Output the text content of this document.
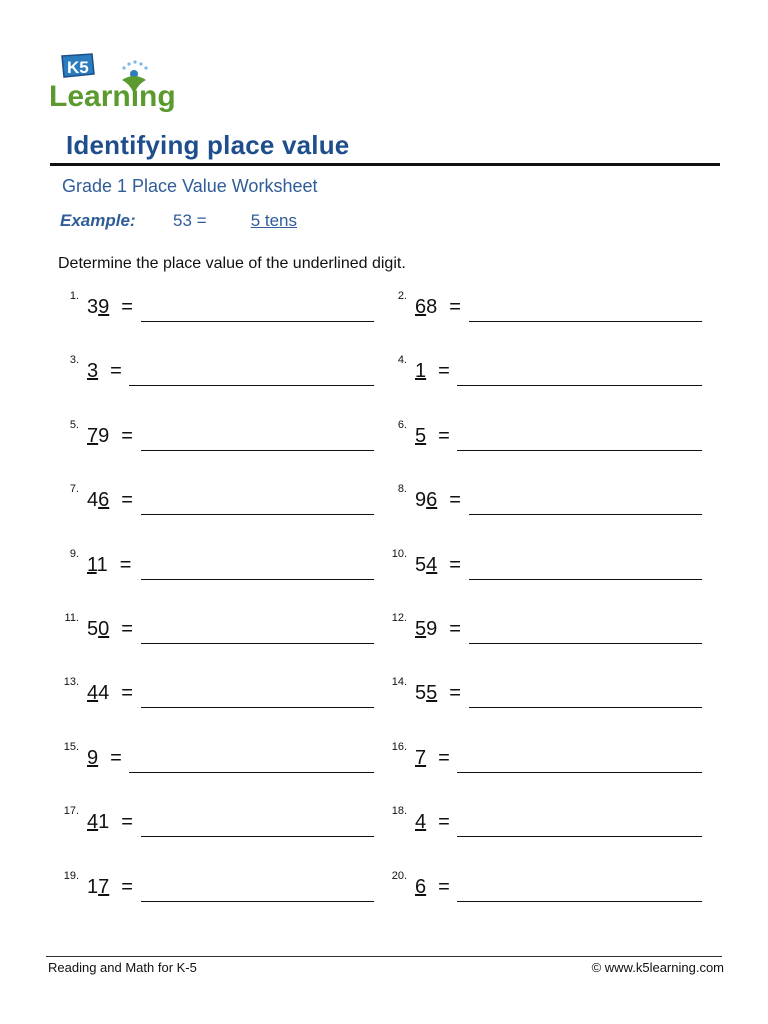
K5
Learning
Identifying place value
Grade 1 Place Value Worksheet
Example: 53 =	5 tens
Determine the place value of the underlined digit.
1. 39 =	2. 68 =
3. 3 =	4. 1 =
5. 79 =	6. 5 =
7. 46 =	8. 96 =
9. 11 =	10. 54 =
11. 50 =	12. 59 =
13. 44 =	14. 55 =
15. 9 =	16. 7 =
17. 41 =	18. 4 =
19. 17 =	20. 6 =
Reading and Math for K-5	© www.k5learning.com
